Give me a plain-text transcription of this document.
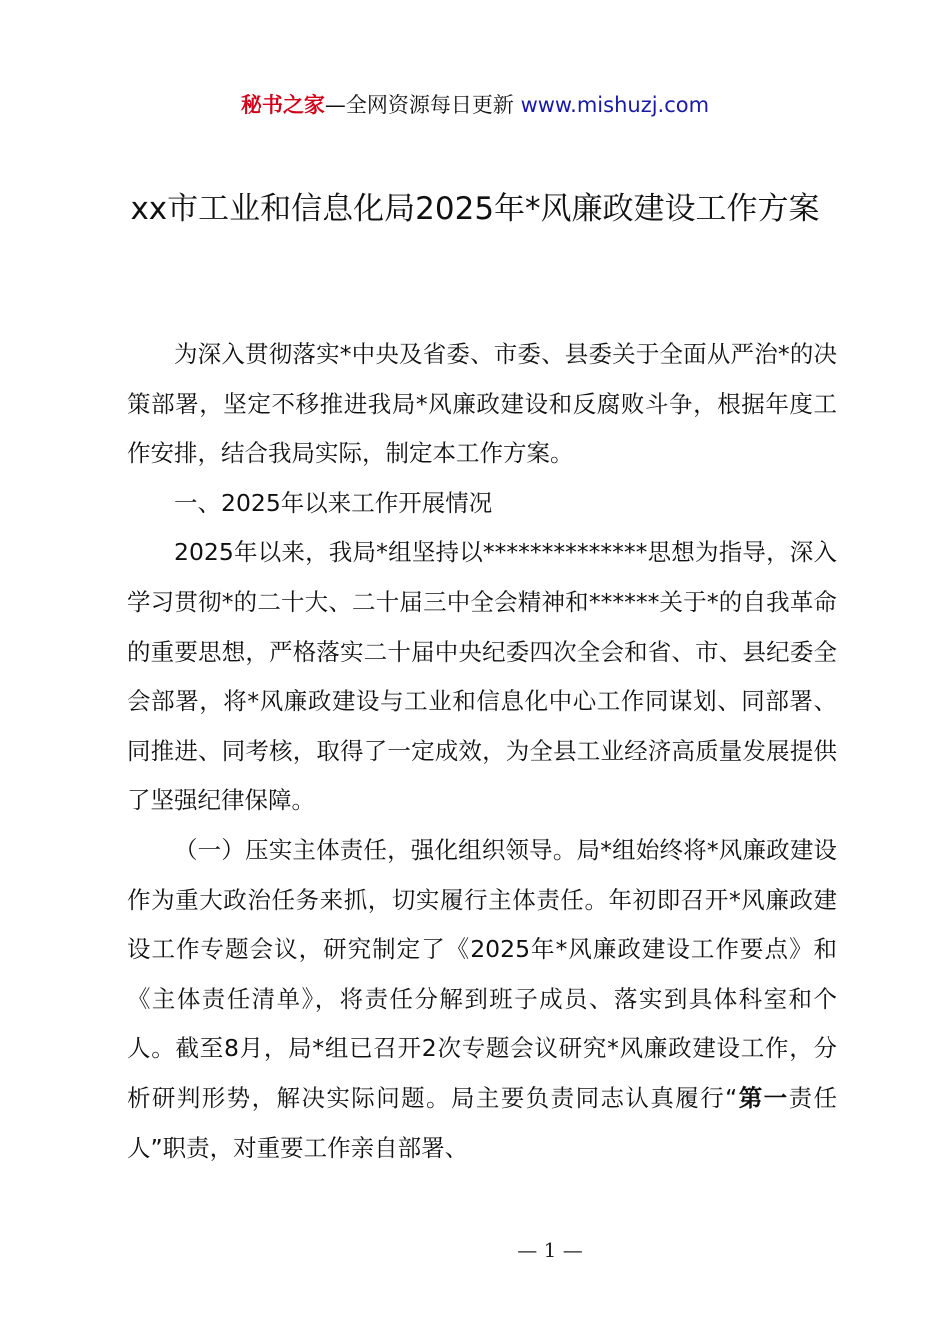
秘书之家—全网资源每日更新 www.mishuzj.com
xx市工业和信息化局2025年*风廉政建设工作方案

为深入贯彻落实*中央及省委、市委、县委关于全面从严治*的决策部署，坚定不移推进我局*风廉政建设和反腐败斗争，根据年度工作安排，结合我局实际，制定本工作方案。

一、2025年以来工作开展情况

2025年以来，我局*组坚持以**************思想为指导，深入学习贯彻*的二十大、二十届三中全会精神和******关于*的自我革命的重要思想，严格落实二十届中央纪委四次全会和省、市、县纪委全会部署，将*风廉政建设与工业和信息化中心工作同谋划、同部署、同推进、同考核，取得了一定成效，为全县工业经济高质量发展提供了坚强纪律保障。

（一）压实主体责任，强化组织领导。局*组始终将*风廉政建设作为重大政治任务来抓，切实履行主体责任。年初即召开*风廉政建设工作专题会议，研究制定了《2025年*风廉政建设工作要点》和《主体责任清单》，将责任分解到班子成员、落实到具体科室和个人。截至8月，局*组已召开2次专题会议研究*风廉政建设工作，分析研判形势，解决实际问题。局主要负责同志认真履行“第一责任人”职责，对重要工作亲自部署、

— 1 —
